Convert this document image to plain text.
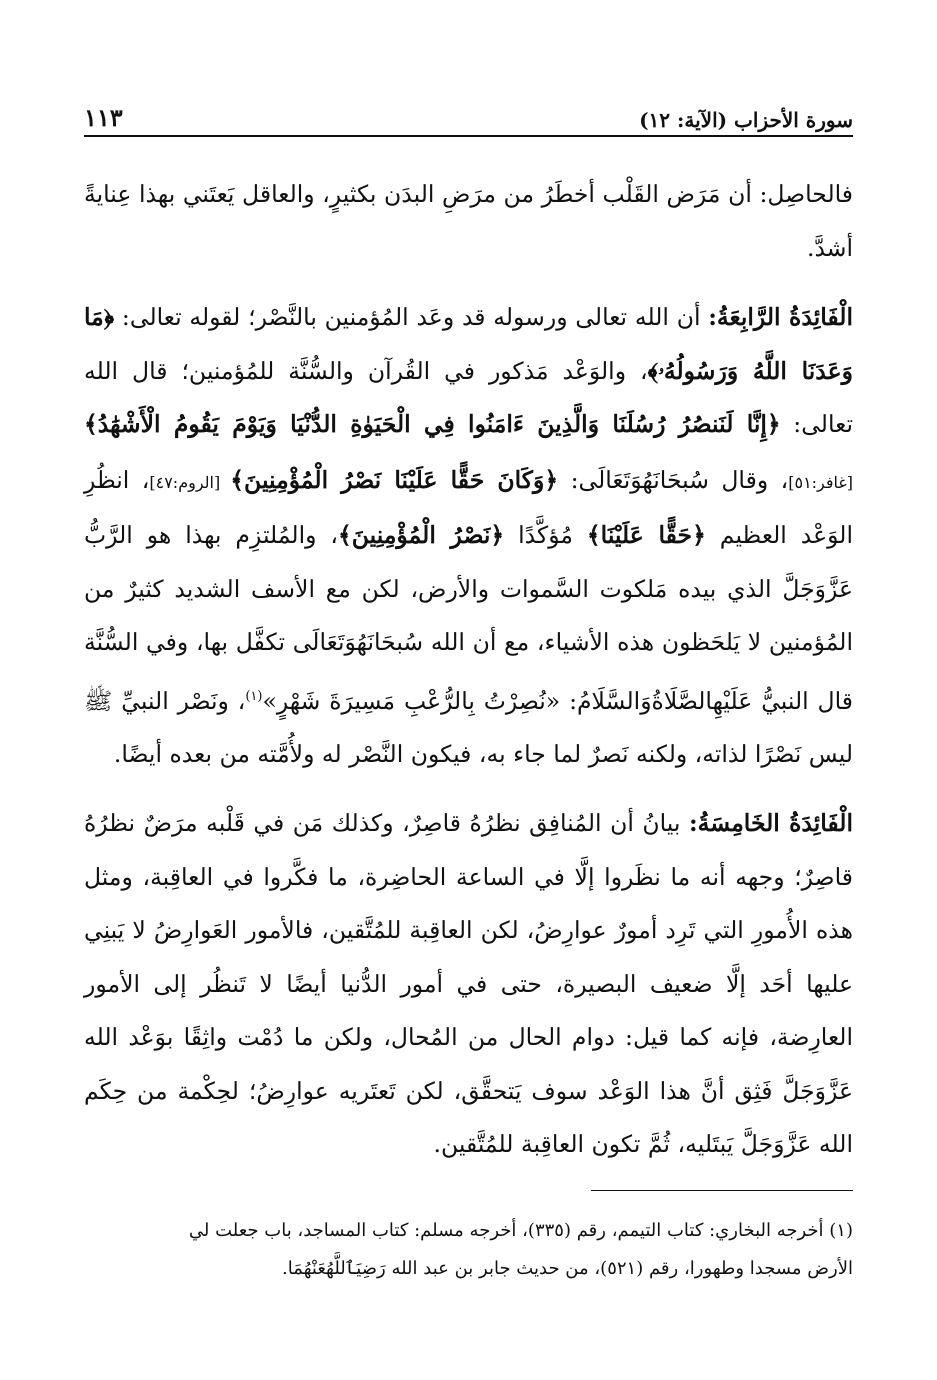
١١٣	سورة الأحزاب (الآية: ١٢)

فالحاصِل: أن مَرَض القَلْب أخطَرُ من مرَضِ البدَن بكثيرٍ، والعاقل يَعتَني بهذا عِنايةً أشدَّ.

الْفَائِدَةُ الرَّابِعَةُ: أن الله تعالى ورسوله قد وعَد المُؤمنين بالنَّصْر؛ لقوله تعالى: ﴿مَا وَعَدَنَا اللَّهُ وَرَسُولُهُۥ﴾، والوَعْد مَذكور في القُرآن والسُّنَّة للمُؤمنين؛ قال الله تعالى: ﴿إِنَّا لَنَنصُرُ رُسُلَنَا وَالَّذِينَ ءَامَنُوا فِي الْحَيَوٰةِ الدُّنْيَا وَيَوْمَ يَقُومُ الْأَشْهَٰدُ﴾ [غافر:٥١]، وقال سُبحَانَهُوَتَعَالَى: ﴿وَكَانَ حَقًّا عَلَيْنَا نَصْرُ الْمُؤْمِنِينَ﴾ [الروم:٤٧]، انظُرِ الوَعْد العظيم ﴿حَقًّا عَلَيْنَا﴾ مُؤكَّدًا ﴿نَصْرُ الْمُؤْمِنِينَ﴾، والمُلتزِم بهذا هو الرَّبُّ عَزَّوَجَلَّ الذي بيده مَلكوت السَّموات والأرض، لكن مع الأسف الشديد كثيرٌ من المُؤمنين لا يَلحَظون هذه الأشياء، مع أن الله سُبحَانَهُوَتَعَالَى تكفَّل بها، وفي السُّنَّة قال النبيُّ عَلَيْهِالصَّلَاةُوَالسَّلَامُ: «نُصِرْتُ بِالرُّعْبِ مَسِيرَةَ شَهْرٍ»$^{(١)}$، ونَصْر النبيِّ ﷺ ليس نَصْرًا لذاته، ولكنه نَصرٌ لما جاء به، فيكون النَّصْر له ولأُمَّته من بعده أيضًا.

الْفَائِدَةُ الخَامِسَةُ: بيانُ أن المُنافِق نظرُهُ قاصِرٌ، وكذلك مَن في قَلْبه مرَضٌ نظرُهُ قاصِرٌ؛ وجهه أنه ما نظَروا إلَّا في الساعة الحاضِرة، ما فكَّروا في العاقِبة، ومثل هذه الأُمورِ التي تَرِد أمورٌ عوارِضُ، لكن العاقِبة للمُتَّقين، فالأمور العَوارِضُ لا يَبنِي عليها أحَد إلَّا ضعيف البصيرة، حتى في أمور الدُّنيا أيضًا لا تَنظُر إلى الأمور العارِضة، فإنه كما قيل: دوام الحال من المُحال، ولكن ما دُمْت واثِقًا بوَعْد الله عَزَّوَجَلَّ فَثِق أنَّ هذا الوَعْد سوف يَتحقَّق، لكن تَعتَريه عوارِضُ؛ لحِكْمة من حِكَم الله عَزَّوَجَلَّ يَبتَليه، ثُمَّ تكون العاقِبة للمُتَّقين.

(١) أخرجه البخاري: كتاب التيمم، رقم (٣٣٥)، أخرجه مسلم: كتاب المساجد، باب جعلت لي

الأرض مسجدا وطهورا، رقم (٥٢١)، من حديث جابر بن عبد الله رَضِيَٱللَّهُعَنْهُمَا.
